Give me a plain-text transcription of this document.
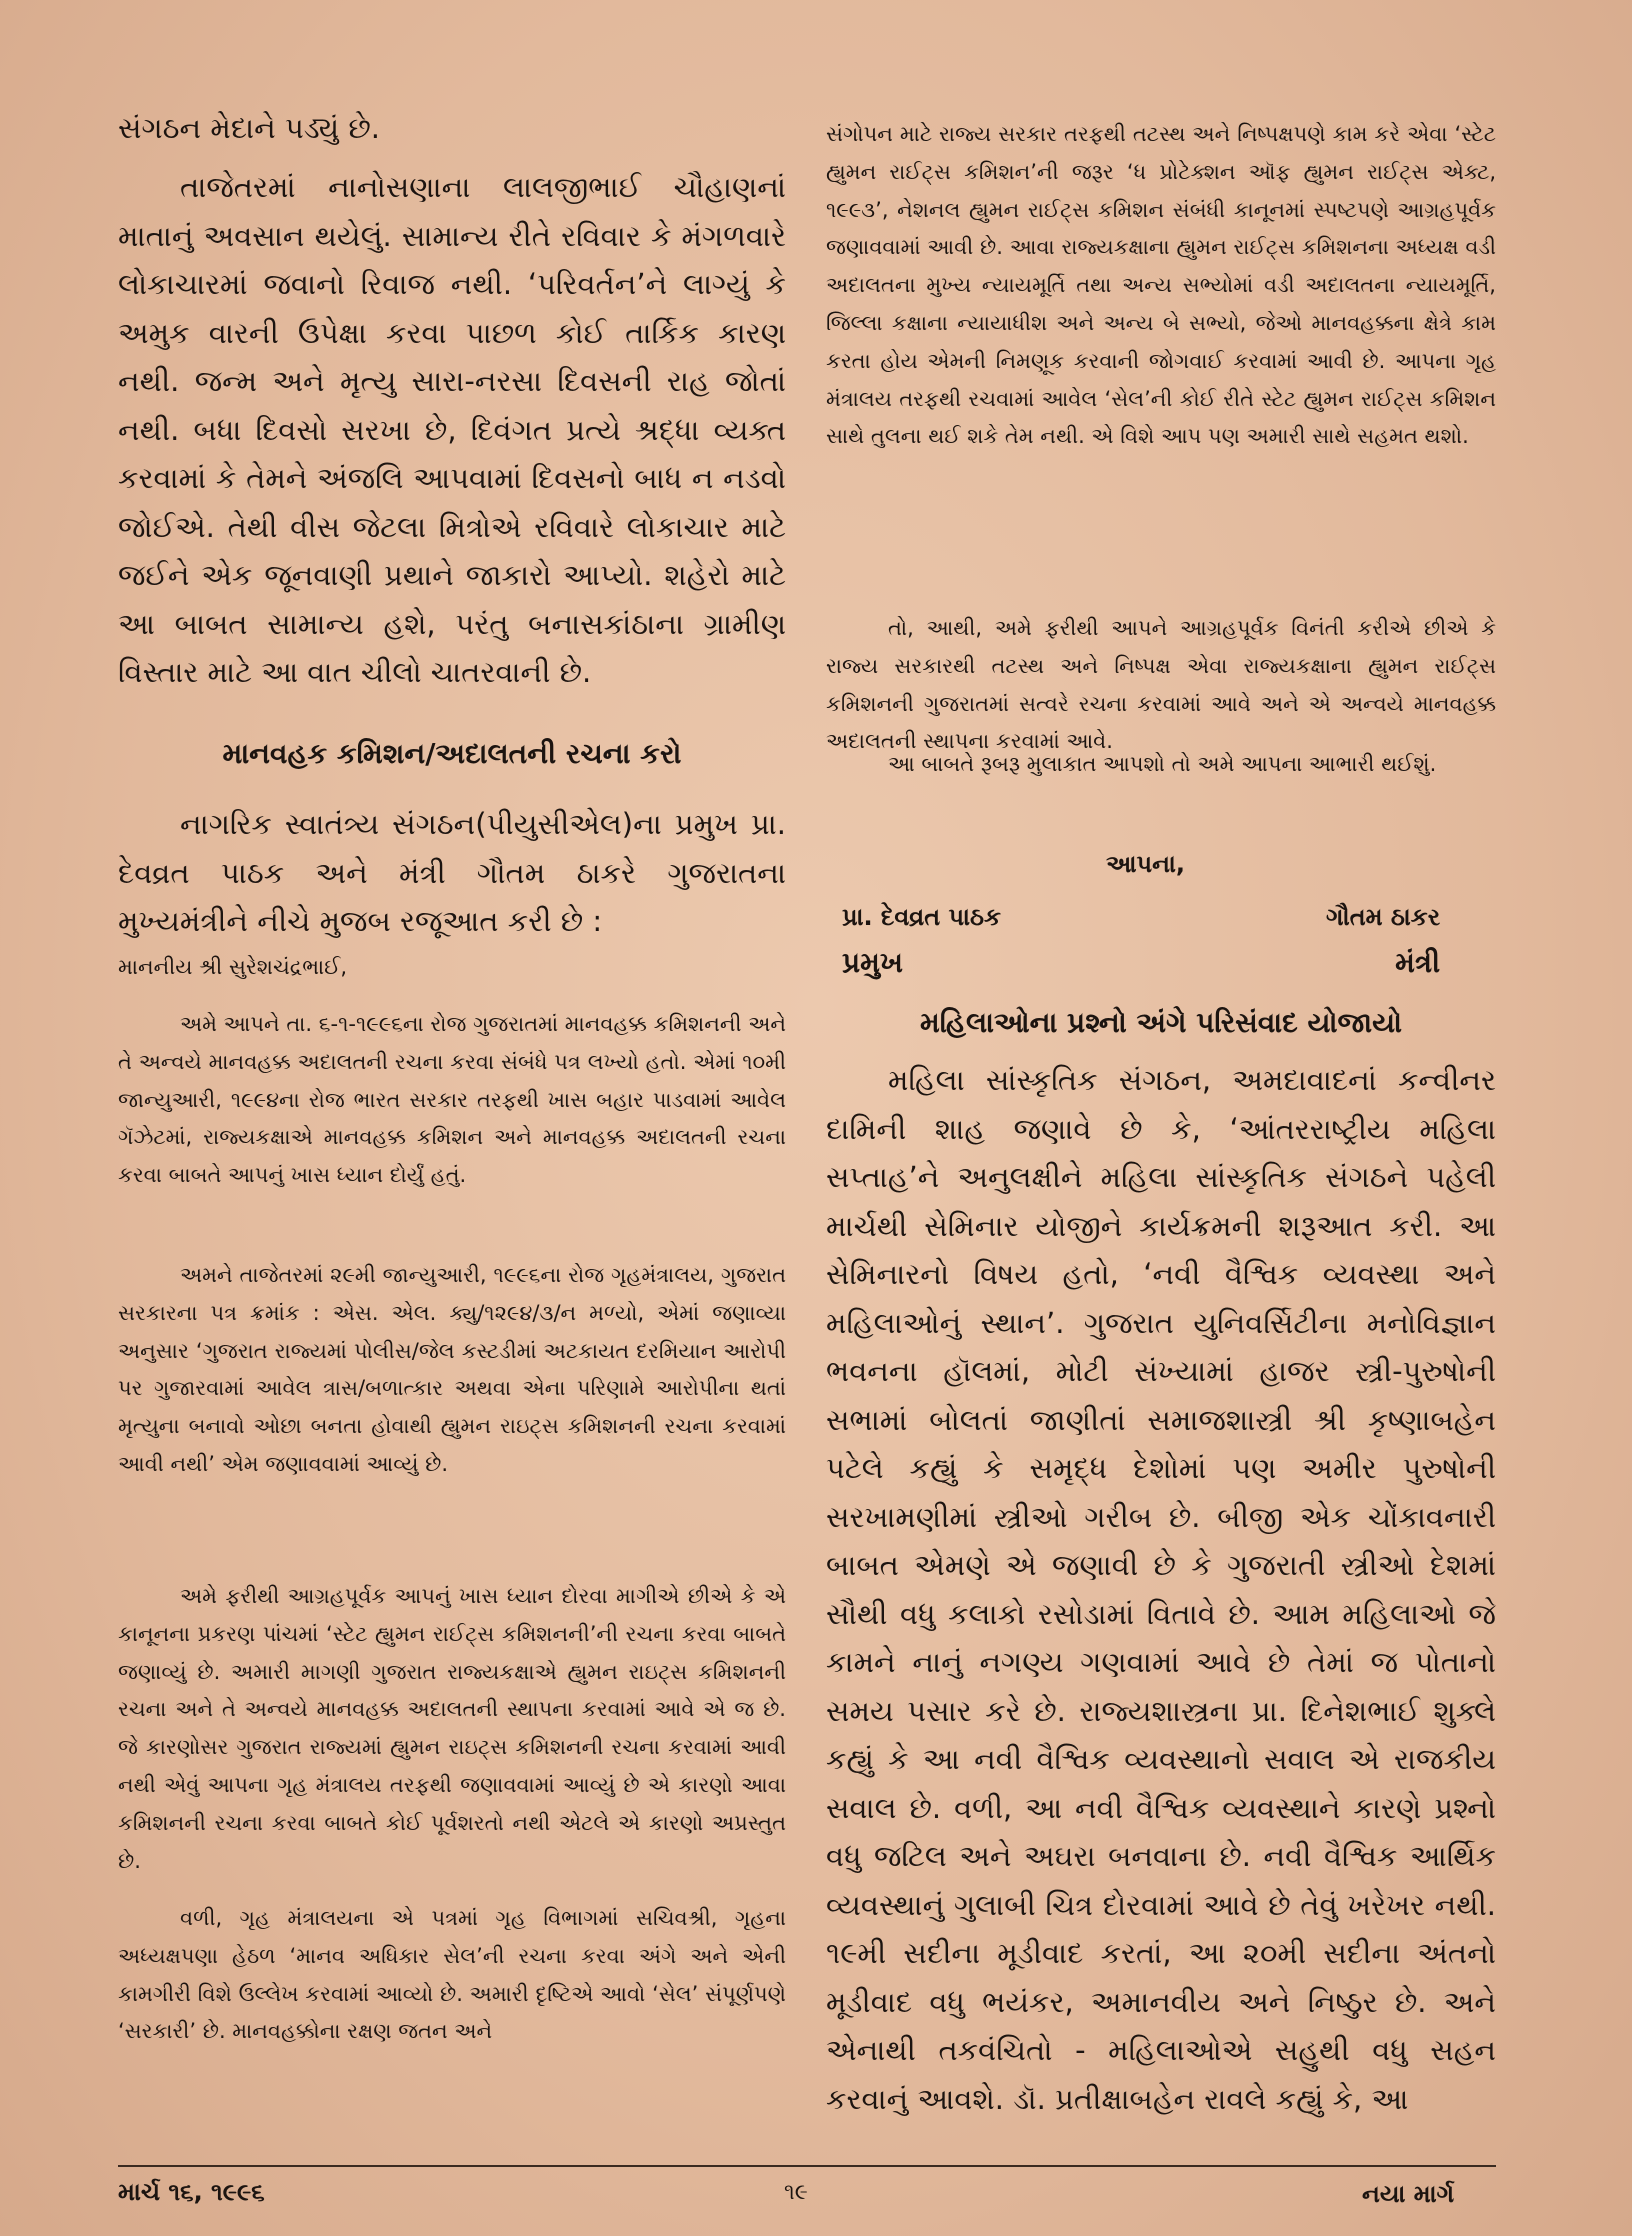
સંગઠન મેદાને પડ્યું છે.

તાજેતરમાં નાનોસણાના લાલજીભાઈ ચૌહાણનાં માતાનું અવસાન થયેલું. સામાન્ય રીતે રવિવાર કે મંગળવારે લોકાચારમાં જવાનો રિવાજ નથી. ‘પરિવર્તન’ને લાગ્યું કે અમુક વારની ઉપેક્ષા કરવા પાછળ કોઈ તાર્કિક કારણ નથી. જન્મ અને મૃત્યુ સારા-નરસા દિવસની રાહ જોતાં નથી. બધા દિવસો સરખા છે, દિવંગત પ્રત્યે શ્રદ્ધા વ્યક્ત કરવામાં કે તેમને અંજલિ આપવામાં દિવસનો બાધ ન નડવો જોઈએ. તેથી વીસ જેટલા મિત્રોએ રવિવારે લોકાચાર માટે જઈને એક જૂનવાણી પ્રથાને જાકારો આપ્યો. શહેરો માટે આ બાબત સામાન્ય હશે, પરંતુ બનાસકાંઠાના ગ્રામીણ વિસ્તાર માટે આ વાત ચીલો ચાતરવાની છે.

માનવહક કમિશન/અદાલતની રચના કરો

નાગરિક સ્વાતંત્ર્ય સંગઠન(પીયુસીએલ)ના પ્રમુખ પ્રા. દેવવ્રત પાઠક અને મંત્રી ગૌતમ ઠાકરે ગુજરાતના મુખ્યમંત્રીને નીચે મુજબ રજૂઆત કરી છે :

માનનીય શ્રી સુરેશચંદ્રભાઈ,

અમે આપને તા. ૬-૧-૧૯૯૬ના રોજ ગુજરાતમાં માનવહક્ક કમિશનની અને તે અન્વયે માનવહક્ક અદાલતની રચના કરવા સંબંધે પત્ર લખ્યો હતો. એમાં ૧૦મી જાન્યુઆરી, ૧૯૯૪ના રોજ ભારત સરકાર તરફથી ખાસ બહાર પાડવામાં આવેલ ગૅઝેટમાં, રાજ્યકક્ષાએ માનવહક્ક કમિશન અને માનવહક્ક અદાલતની રચના કરવા બાબતે આપનું ખાસ ધ્યાન દોર્યું હતું.

અમને તાજેતરમાં ૨૯મી જાન્યુઆરી, ૧૯૯૬ના રોજ ગૃહમંત્રાલય, ગુજરાત સરકારના પત્ર ક્રમાંક : એસ. એલ. ક્યુ/૧૨૯૪/૩/ન મળ્યો, એમાં જણાવ્યા અનુસાર ‘ગુજરાત રાજ્યમાં પોલીસ/જેલ કસ્ટડીમાં અટકાયત દરમિયાન આરોપી પર ગુજારવામાં આવેલ ત્રાસ/બળાત્કાર અથવા એના પરિણામે આરોપીના થતાં મૃત્યુના બનાવો ઓછા બનતા હોવાથી હ્યુમન રાઇટ્સ કમિશનની રચના કરવામાં આવી નથી’ એમ જણાવવામાં આવ્યું છે.

અમે ફરીથી આગ્રહપૂર્વક આપનું ખાસ ધ્યાન દોરવા માગીએ છીએ કે એ કાનૂનના પ્રકરણ પાંચમાં ‘સ્ટેટ હ્યુમન રાઈટ્સ કમિશનની’ની રચના કરવા બાબતે જણાવ્યું છે. અમારી માગણી ગુજરાત રાજ્યકક્ષાએ હ્યુમન રાઇટ્સ કમિશનની રચના અને તે અન્વયે માનવહક્ક અદાલતની સ્થાપના કરવામાં આવે એ જ છે. જે કારણોસર ગુજરાત રાજ્યમાં હ્યુમન રાઇટ્સ કમિશનની રચના કરવામાં આવી નથી એવું આપના ગૃહ મંત્રાલય તરફથી જણાવવામાં આવ્યું છે એ કારણો આવા કમિશનની રચના કરવા બાબતે કોઈ પૂર્વશરતો નથી એટલે એ કારણો અપ્રસ્તુત છે.

વળી, ગૃહ મંત્રાલયના એ પત્રમાં ગૃહ વિભાગમાં સચિવશ્રી, ગૃહના અધ્યક્ષપણા હેઠળ ‘માનવ અધિકાર સેલ’ની રચના કરવા અંગે અને એની કામગીરી વિશે ઉલ્લેખ કરવામાં આવ્યો છે. અમારી દૃષ્ટિએ આવો ‘સેલ’ સંપૂર્ણપણે ‘સરકારી’ છે. માનવહક્કોના રક્ષણ જતન અને

સંગોપન માટે રાજ્ય સરકાર તરફથી તટસ્થ અને નિષ્પક્ષપણે કામ કરે એવા ‘સ્ટેટ હ્યુમન રાઈટ્સ કમિશન’ની જરૂર ‘ધ પ્રોટેક્શન ઑફ હ્યુમન રાઈટ્સ એક્ટ, ૧૯૯૩’, નેશનલ હ્યુમન રાઈટ્સ કમિશન સંબંધી કાનૂનમાં સ્પષ્ટપણે આગ્રહપૂર્વક જણાવવામાં આવી છે. આવા રાજ્યકક્ષાના હ્યુમન રાઈટ્સ કમિશનના અધ્યક્ષ વડી અદાલતના મુખ્ય ન્યાયમૂર્તિ તથા અન્ય સભ્યોમાં વડી અદાલતના ન્યાયમૂર્તિ, જિલ્લા કક્ષાના ન્યાયાધીશ અને અન્ય બે સભ્યો, જેઓ માનવહક્કના ક્ષેત્રે કામ કરતા હોય એમની નિમણૂક કરવાની જોગવાઈ કરવામાં આવી છે. આપના ગૃહ મંત્રાલય તરફથી રચવામાં આવેલ ‘સેલ’ની કોઈ રીતે સ્ટેટ હ્યુમન રાઈટ્સ કમિશન સાથે તુલના થઈ શકે તેમ નથી. એ વિશે આપ પણ અમારી સાથે સહમત થશો.

તો, આથી, અમે ફરીથી આપને આગ્રહપૂર્વક વિનંતી કરીએ છીએ કે રાજ્ય સરકારથી તટસ્થ અને નિષ્પક્ષ એવા રાજ્યકક્ષાના હ્યુમન રાઈટ્સ કમિશનની ગુજરાતમાં સત્વરે રચના કરવામાં આવે અને એ અન્વયે માનવહક્ક અદાલતની સ્થાપના કરવામાં આવે.

આ બાબતે રૂબરૂ મુલાકાત આપશો તો અમે આપના આભારી થઈશું.

આપના,

પ્રા. દેવવ્રત પાઠક
પ્રમુખ
ગૌતમ ઠાકર
મંત્રી

મહિલાઓના પ્રશ્નો અંગે પરિસંવાદ યોજાયો

મહિલા સાંસ્કૃતિક સંગઠન, અમદાવાદનાં કન્વીનર દામિની શાહ જણાવે છે કે, ‘આંતરરાષ્ટ્રીય મહિલા સપ્તાહ’ને અનુલક્ષીને મહિલા સાંસ્કૃતિક સંગઠને પહેલી માર્ચથી સેમિનાર યોજીને કાર્યક્રમની શરૂઆત કરી. આ સેમિનારનો વિષય હતો, ‘નવી વૈશ્વિક વ્યવસ્થા અને મહિલાઓનું સ્થાન’. ગુજરાત યુનિવર્સિટીના મનોવિજ્ઞાન ભવનના હૉલમાં, મોટી સંખ્યામાં હાજર સ્ત્રી-પુરુષોની સભામાં બોલતાં જાણીતાં સમાજશાસ્ત્રી શ્રી કૃષ્ણાબહેન પટેલે કહ્યું કે સમૃદ્ધ દેશોમાં પણ અમીર પુરુષોની સરખામણીમાં સ્ત્રીઓ ગરીબ છે. બીજી એક ચોંકાવનારી બાબત એમણે એ જણાવી છે કે ગુજરાતી સ્ત્રીઓ દેશમાં સૌથી વધુ કલાકો રસોડામાં વિતાવે છે. આમ મહિલાઓ જે કામને નાનું નગણ્ય ગણવામાં આવે છે તેમાં જ પોતાનો સમય પસાર કરે છે. રાજ્યશાસ્ત્રના પ્રા. દિનેશભાઈ શુક્લે કહ્યું કે આ નવી વૈશ્વિક વ્યવસ્થાનો સવાલ એ રાજકીય સવાલ છે. વળી, આ નવી વૈશ્વિક વ્યવસ્થાને કારણે પ્રશ્નો વધુ જટિલ અને અઘરા બનવાના છે. નવી વૈશ્વિક આર્થિક વ્યવસ્થાનું ગુલાબી ચિત્ર દોરવામાં આવે છે તેવું ખરેખર નથી. ૧૯મી સદીના મૂડીવાદ કરતાં, આ ૨૦મી સદીના અંતનો મૂડીવાદ વધુ ભયંકર, અમાનવીય અને નિષ્ઠુર છે. અને એનાથી તકવંચિતો - મહિલાઓએ સહુથી વધુ સહન કરવાનું આવશે. ડૉ. પ્રતીક્ષાબહેન રાવલે કહ્યું કે, આ

માર્ચ ૧૬, ૧૯૯૬	૧૯	નયા માર્ગ
